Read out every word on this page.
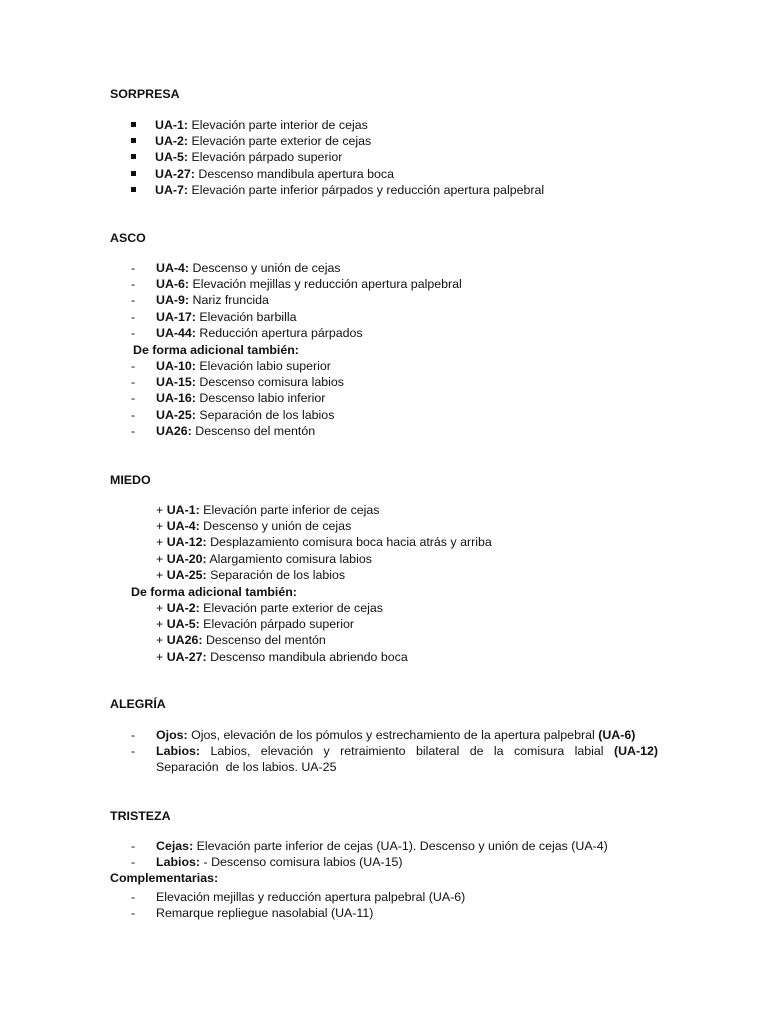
SORPRESA
UA-1: Elevación parte interior de cejas
UA-2: Elevación parte exterior de cejas
UA-5: Elevación párpado superior
UA-27: Descenso mandibula apertura boca
UA-7: Elevación parte inferior párpados y reducción apertura palpebral
ASCO
- UA-4: Descenso y unión de cejas
- UA-6: Elevación mejillas y reducción apertura palpebral
- UA-9: Nariz fruncida
- UA-17: Elevación barbilla
- UA-44: Reducción apertura párpados
De forma adicional también:
- UA-10: Elevación labio superior
- UA-15: Descenso comisura labios
- UA-16: Descenso labio inferior
- UA-25: Separación de los labios
- UA26: Descenso del mentón
MIEDO
+ UA-1: Elevación parte inferior de cejas
+ UA-4: Descenso y unión de cejas
+ UA-12: Desplazamiento comisura boca hacia atrás y arriba
+ UA-20: Alargamiento comisura labios
+ UA-25: Separación de los labios
De forma adicional también:
+ UA-2: Elevación parte exterior de cejas
+ UA-5: Elevación párpado superior
+ UA26: Descenso del mentón
+ UA-27: Descenso mandibula abriendo boca
ALEGRÍA
- Ojos: Ojos, elevación de los pómulos y estrechamiento de la apertura palpebral (UA-6)
- Labios: Labios, elevación y retraimiento bilateral de la comisura labial (UA-12)
Separación  de los labios. UA-25
TRISTEZA
- Cejas: Elevación parte inferior de cejas (UA-1). Descenso y unión de cejas (UA-4)
- Labios: - Descenso comisura labios (UA-15)
Complementarias:
- Elevación mejillas y reducción apertura palpebral (UA-6)
- Remarque repliegue nasolabial (UA-11)
